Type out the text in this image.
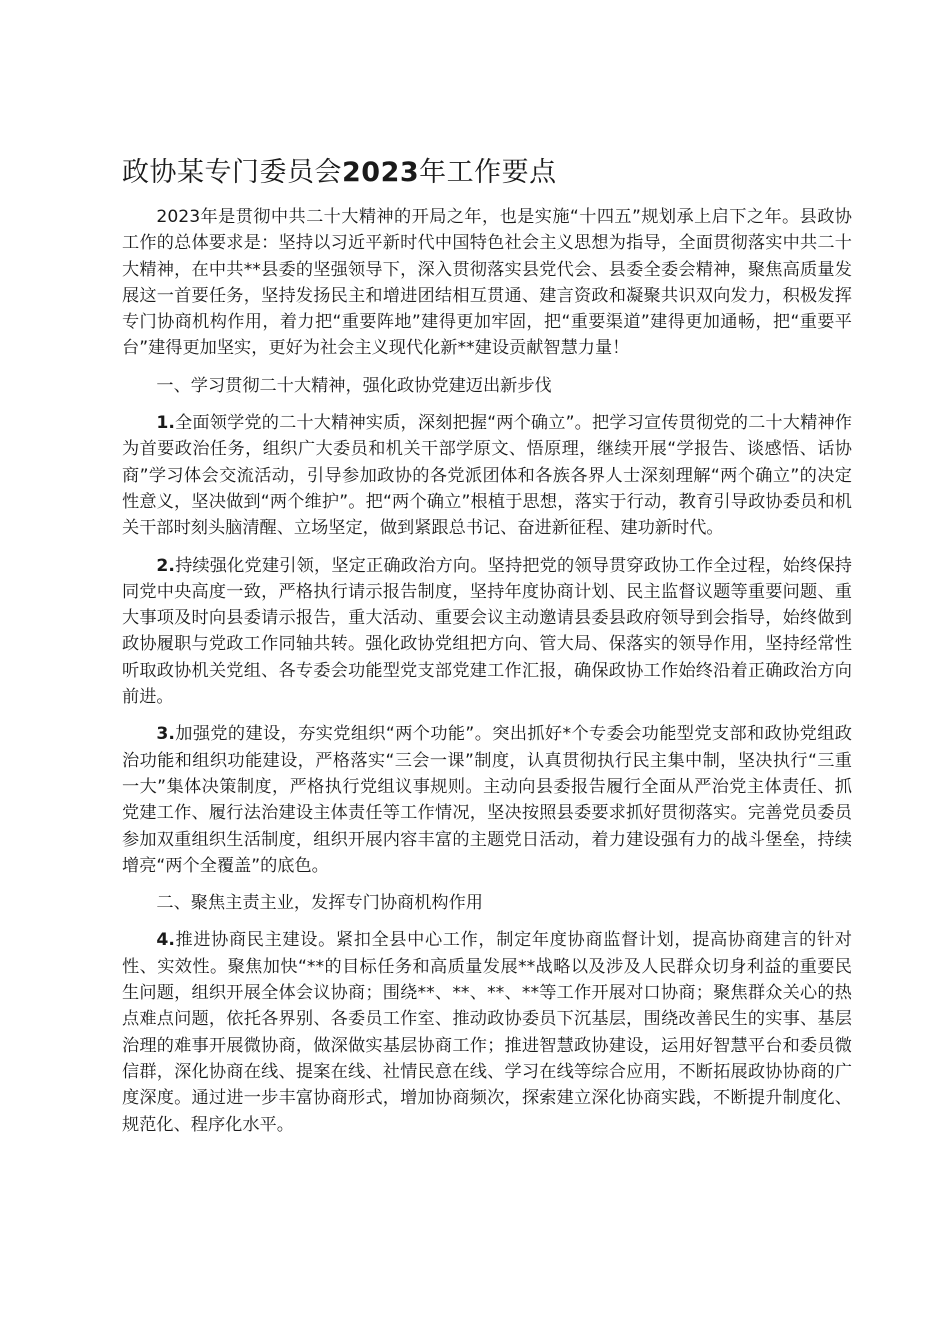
政协某专门委员会2023年工作要点

2023年是贯彻中共二十大精神的开局之年，也是实施“十四五”规划承上启下之年。县政协工作的总体要求是：坚持以习近平新时代中国特色社会主义思想为指导，全面贯彻落实中共二十大精神，在中共**县委的坚强领导下，深入贯彻落实县党代会、县委全委会精神，聚焦高质量发展这一首要任务，坚持发扬民主和增进团结相互贯通、建言资政和凝聚共识双向发力，积极发挥专门协商机构作用，着力把“重要阵地”建得更加牢固，把“重要渠道”建得更加通畅，把“重要平台”建得更加坚实，更好为社会主义现代化新**建设贡献智慧力量！

一、学习贯彻二十大精神，强化政协党建迈出新步伐

1.全面领学党的二十大精神实质，深刻把握“两个确立”。把学习宣传贯彻党的二十大精神作为首要政治任务，组织广大委员和机关干部学原文、悟原理，继续开展“学报告、谈感悟、话协商”学习体会交流活动，引导参加政协的各党派团体和各族各界人士深刻理解“两个确立”的决定性意义，坚决做到“两个维护”。把“两个确立”根植于思想，落实于行动，教育引导政协委员和机关干部时刻头脑清醒、立场坚定，做到紧跟总书记、奋进新征程、建功新时代。

2.持续强化党建引领，坚定正确政治方向。坚持把党的领导贯穿政协工作全过程，始终保持同党中央高度一致，严格执行请示报告制度，坚持年度协商计划、民主监督议题等重要问题、重大事项及时向县委请示报告，重大活动、重要会议主动邀请县委县政府领导到会指导，始终做到政协履职与党政工作同轴共转。强化政协党组把方向、管大局、保落实的领导作用，坚持经常性听取政协机关党组、各专委会功能型党支部党建工作汇报，确保政协工作始终沿着正确政治方向前进。

3.加强党的建设，夯实党组织“两个功能”。突出抓好*个专委会功能型党支部和政协党组政治功能和组织功能建设，严格落实“三会一课”制度，认真贯彻执行民主集中制，坚决执行“三重一大”集体决策制度，严格执行党组议事规则。主动向县委报告履行全面从严治党主体责任、抓党建工作、履行法治建设主体责任等工作情况，坚决按照县委要求抓好贯彻落实。完善党员委员参加双重组织生活制度，组织开展内容丰富的主题党日活动，着力建设强有力的战斗堡垒，持续增亮“两个全覆盖”的底色。

二、聚焦主责主业，发挥专门协商机构作用

4.推进协商民主建设。紧扣全县中心工作，制定年度协商监督计划，提高协商建言的针对性、实效性。聚焦加快“**的目标任务和高质量发展**战略以及涉及人民群众切身利益的重要民生问题，组织开展全体会议协商；围绕**、**、**、**等工作开展对口协商；聚焦群众关心的热点难点问题，依托各界别、各委员工作室、推动政协委员下沉基层，围绕改善民生的实事、基层治理的难事开展微协商，做深做实基层协商工作；推进智慧政协建设，运用好智慧平台和委员微信群，深化协商在线、提案在线、社情民意在线、学习在线等综合应用，不断拓展政协协商的广度深度。通过进一步丰富协商形式，增加协商频次，探索建立深化协商实践，不断提升制度化、规范化、程序化水平。
